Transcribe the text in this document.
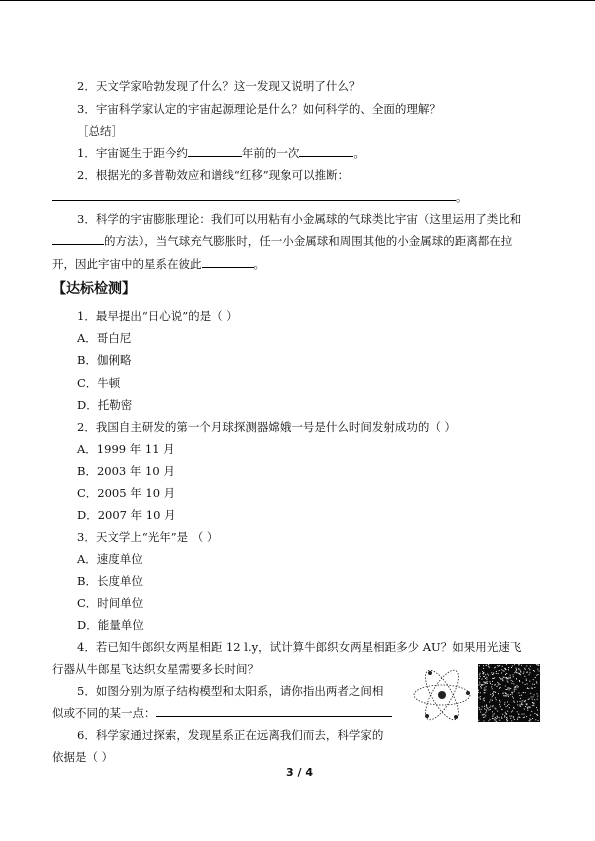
2．天文学家哈勃发现了什么？这一发现又说明了什么？
3．宇宙科学家认定的宇宙起源理论是什么？如何科学的、全面的理解？
［总结］
1．宇宙诞生于距今约	年前的一次	。
2．根据光的多普勒效应和谱线“红移”现象可以推断：
。
3．科学的宇宙膨胀理论：我们可以用粘有小金属球的气球类比宇宙（这里运用了类比和
的方法），当气球充气膨胀时，任一小金属球和周围其他的小金属球的距离都在拉
开，因此宇宙中的星系在彼此	。
【达标检测】
1．最早提出“日心说”的是（ ）
A．哥白尼
B．伽俐略
C．牛顿
D．托勒密
2．我国自主研发的第一个月球探测器嫦娥一号是什么时间发射成功的（ ）
A．1999 年 11 月
B．2003 年 10 月
C．2005 年 10 月
D．2007 年 10 月
3．天文学上“光年”是 （ ）
A．速度单位
B．长度单位
C．时间单位
D．能量单位
4．若已知牛郎织女两星相距 12 l.y，试计算牛郎织女两星相距多少 AU？如果用光速飞
行器从牛郎星飞达织女星需要多长时间？
5．如图分别为原子结构模型和太阳系，请你指出两者之间相
似或不同的某一点：
6．科学家通过探索，发现星系正在远离我们而去，科学家的
依据是（ ）
3 / 4
